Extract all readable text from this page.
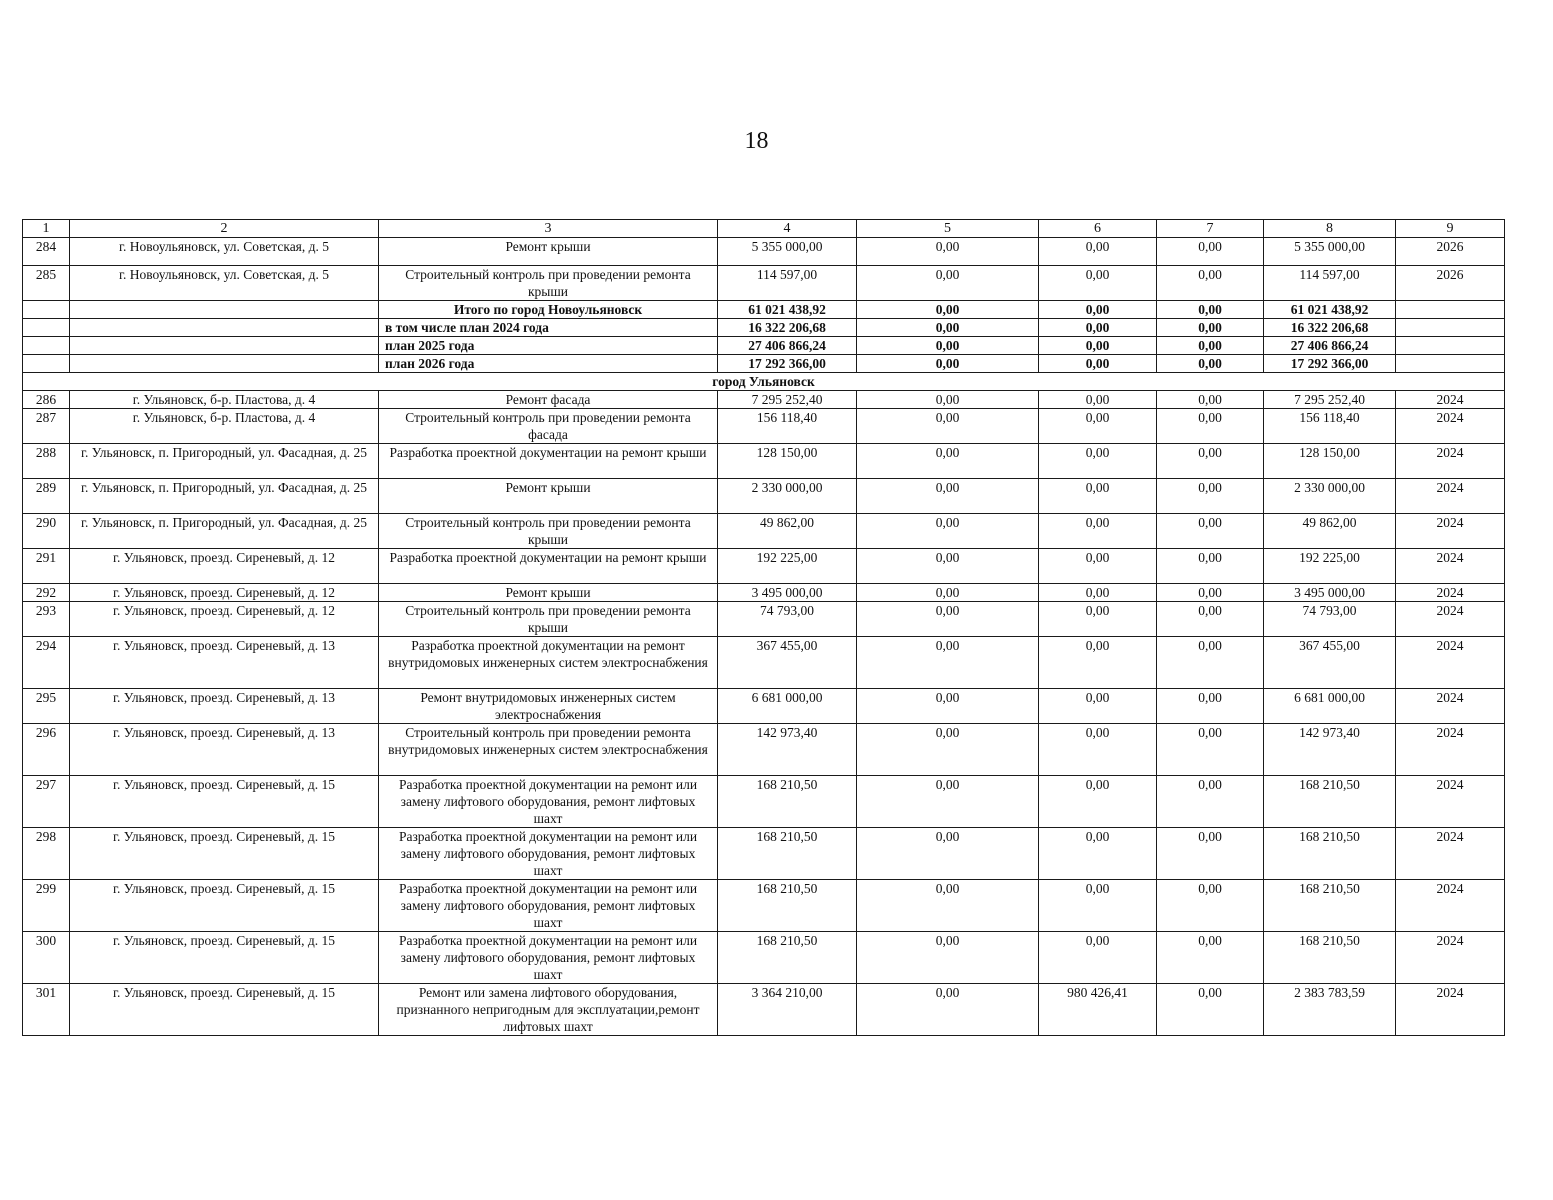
18
1	2	3	4	5	6	7	8	9
284	г. Новоульяновск, ул. Советская, д. 5	Ремонт крыши	5 355 000,00	0,00	0,00	0,00	5 355 000,00	2026
285	г. Новоульяновск, ул. Советская, д. 5	Строительный контроль при проведении ремонта крыши	114 597,00	0,00	0,00	0,00	114 597,00	2026
		Итого по город Новоульяновск	61 021 438,92	0,00	0,00	0,00	61 021 438,92	
		в том числе план 2024 года	16 322 206,68	0,00	0,00	0,00	16 322 206,68	
		план 2025 года	27 406 866,24	0,00	0,00	0,00	27 406 866,24	
		план 2026 года	17 292 366,00	0,00	0,00	0,00	17 292 366,00	
город Ульяновск								
286	г. Ульяновск, б-р. Пластова, д. 4	Ремонт фасада	7 295 252,40	0,00	0,00	0,00	7 295 252,40	2024
287	г. Ульяновск, б-р. Пластова, д. 4	Строительный контроль при проведении ремонта фасада	156 118,40	0,00	0,00	0,00	156 118,40	2024
288	г. Ульяновск, п. Пригородный, ул. Фасадная, д. 25	Разработка проектной документации на ремонт крыши	128 150,00	0,00	0,00	0,00	128 150,00	2024
289	г. Ульяновск, п. Пригородный, ул. Фасадная, д. 25	Ремонт крыши	2 330 000,00	0,00	0,00	0,00	2 330 000,00	2024
290	г. Ульяновск, п. Пригородный, ул. Фасадная, д. 25	Строительный контроль при проведении ремонта крыши	49 862,00	0,00	0,00	0,00	49 862,00	2024
291	г. Ульяновск, проезд. Сиреневый, д. 12	Разработка проектной документации на ремонт крыши	192 225,00	0,00	0,00	0,00	192 225,00	2024
292	г. Ульяновск, проезд. Сиреневый, д. 12	Ремонт крыши	3 495 000,00	0,00	0,00	0,00	3 495 000,00	2024
293	г. Ульяновск, проезд. Сиреневый, д. 12	Строительный контроль при проведении ремонта крыши	74 793,00	0,00	0,00	0,00	74 793,00	2024
294	г. Ульяновск, проезд. Сиреневый, д. 13	Разработка проектной документации на ремонт внутридомовых инженерных систем электроснабжения	367 455,00	0,00	0,00	0,00	367 455,00	2024
295	г. Ульяновск, проезд. Сиреневый, д. 13	Ремонт внутридомовых инженерных систем электроснабжения	6 681 000,00	0,00	0,00	0,00	6 681 000,00	2024
296	г. Ульяновск, проезд. Сиреневый, д. 13	Строительный контроль при проведении ремонта внутридомовых инженерных систем электроснабжения	142 973,40	0,00	0,00	0,00	142 973,40	2024
297	г. Ульяновск, проезд. Сиреневый, д. 15	Разработка проектной документации на ремонт или замену лифтового оборудования, ремонт лифтовых шахт	168 210,50	0,00	0,00	0,00	168 210,50	2024
298	г. Ульяновск, проезд. Сиреневый, д. 15	Разработка проектной документации на ремонт или замену лифтового оборудования, ремонт лифтовых шахт	168 210,50	0,00	0,00	0,00	168 210,50	2024
299	г. Ульяновск, проезд. Сиреневый, д. 15	Разработка проектной документации на ремонт или замену лифтового оборудования, ремонт лифтовых шахт	168 210,50	0,00	0,00	0,00	168 210,50	2024
300	г. Ульяновск, проезд. Сиреневый, д. 15	Разработка проектной документации на ремонт или замену лифтового оборудования, ремонт лифтовых шахт	168 210,50	0,00	0,00	0,00	168 210,50	2024
301	г. Ульяновск, проезд. Сиреневый, д. 15	Ремонт или замена лифтового оборудования, признанного непригодным для эксплуатации,ремонт лифтовых шахт	3 364 210,00	0,00	980 426,41	0,00	2 383 783,59	2024
